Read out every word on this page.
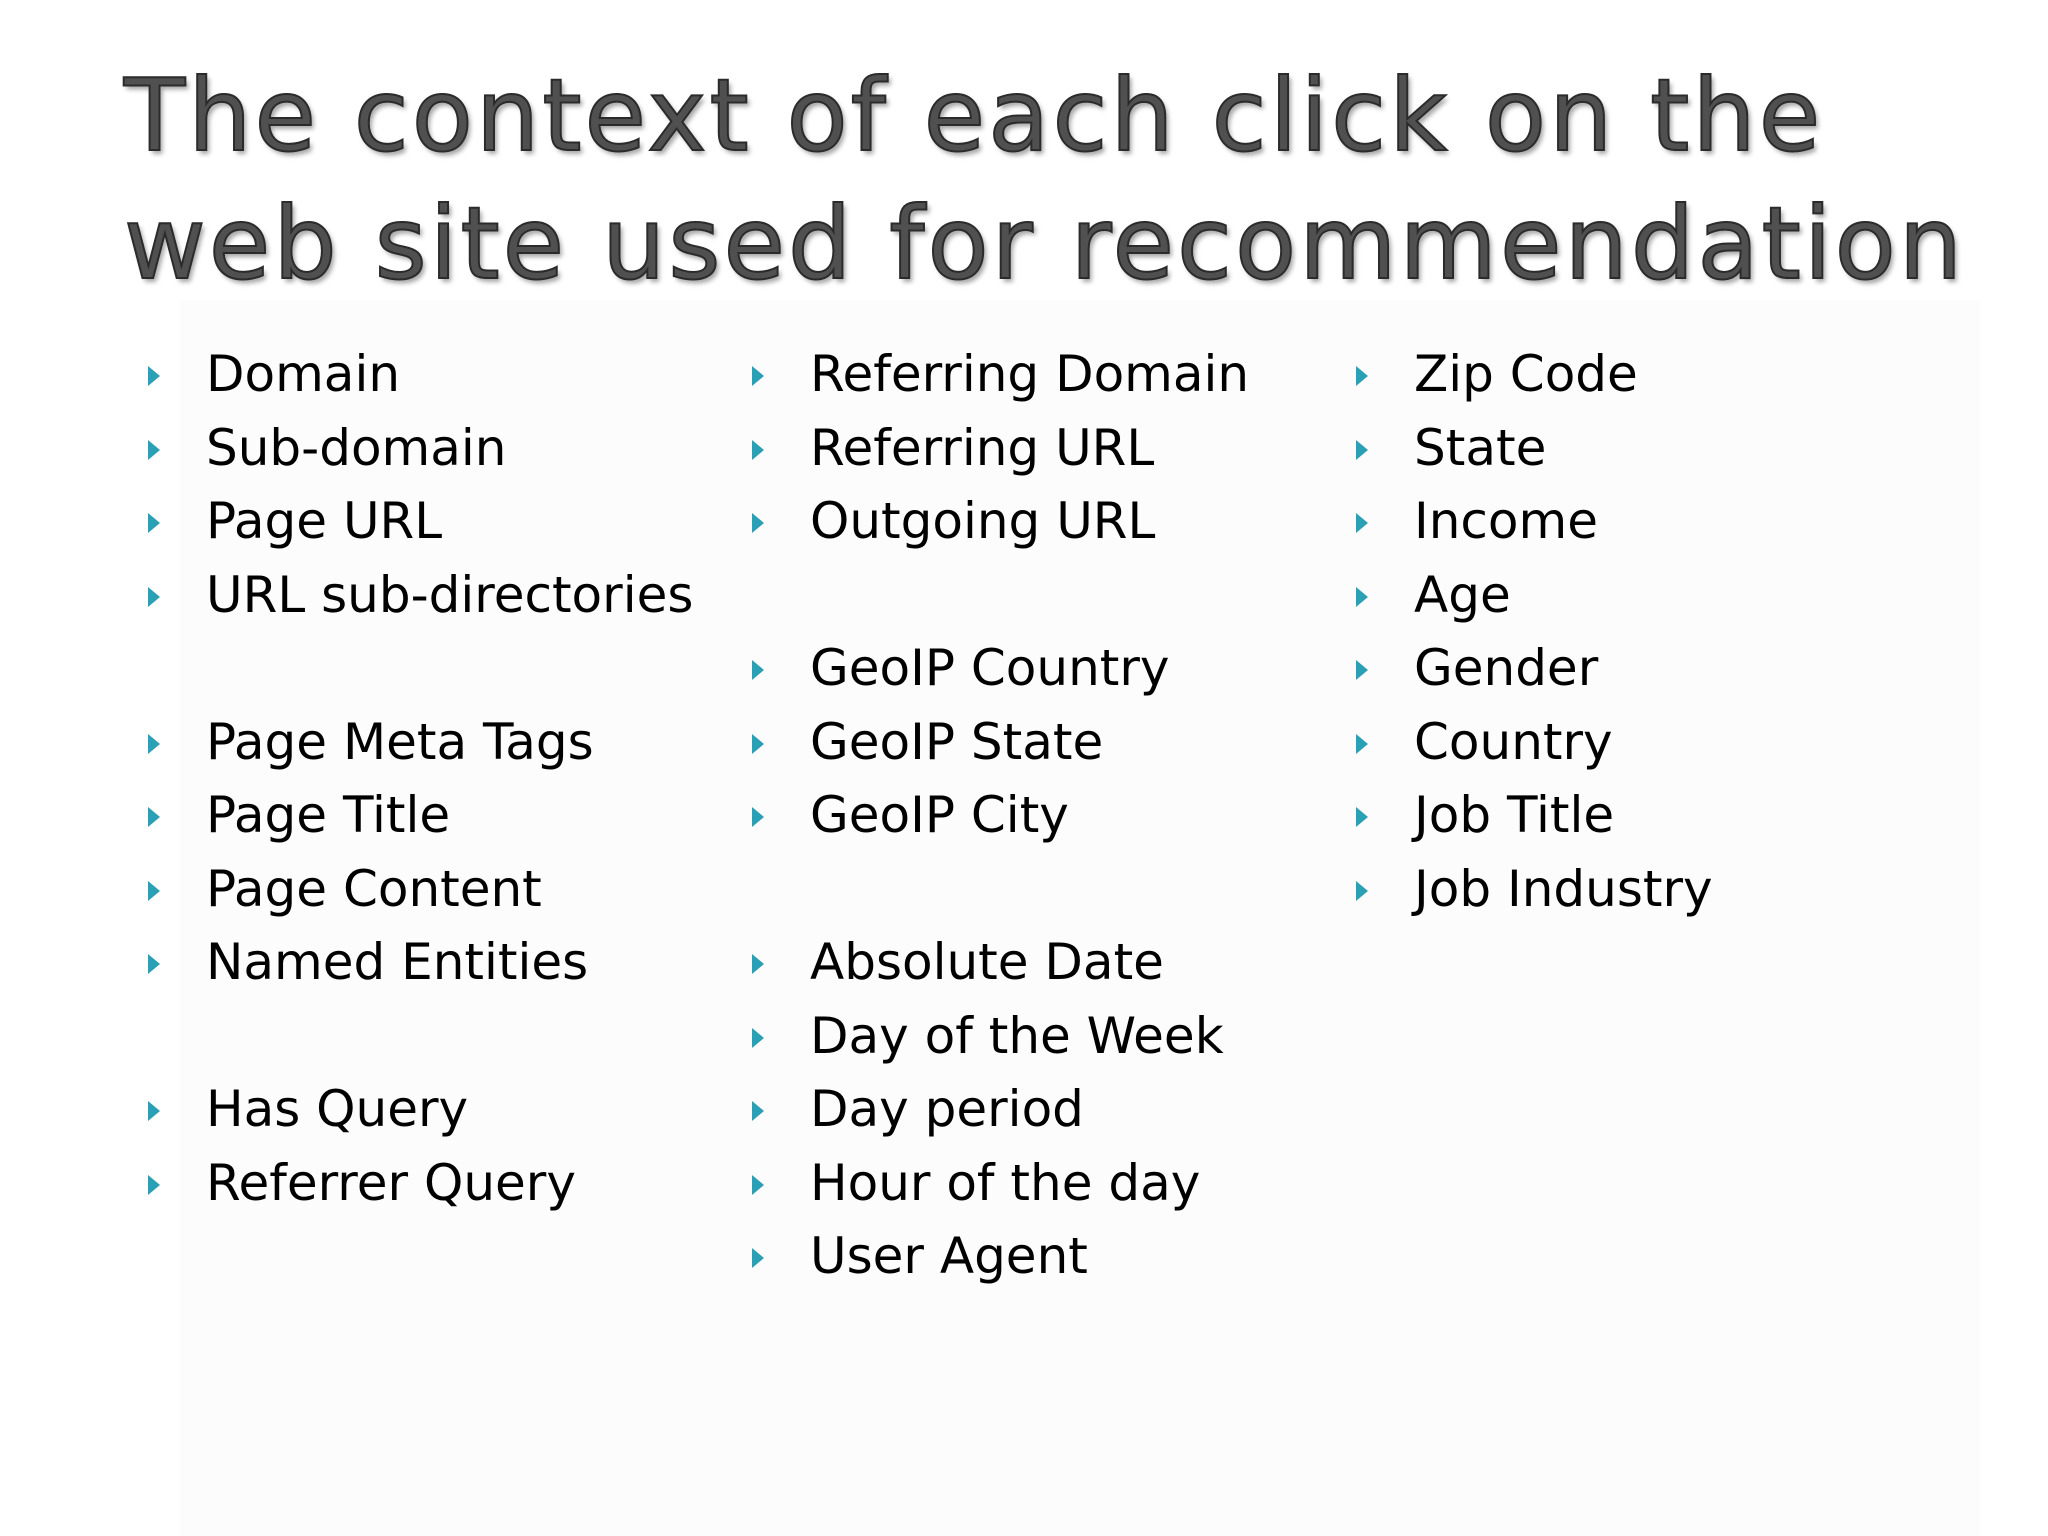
The context of each click on the
web site used for recommendation
Domain
Sub-domain
Page URL
URL sub-directories
Page Meta Tags
Page Title
Page Content
Named Entities
Has Query
Referrer Query
Referring Domain
Referring URL
Outgoing URL
GeoIP Country
GeoIP State
GeoIP City
Absolute Date
Day of the Week
Day period
Hour of the day
User Agent
Zip Code
State
Income
Age
Gender
Country
Job Title
Job Industry
